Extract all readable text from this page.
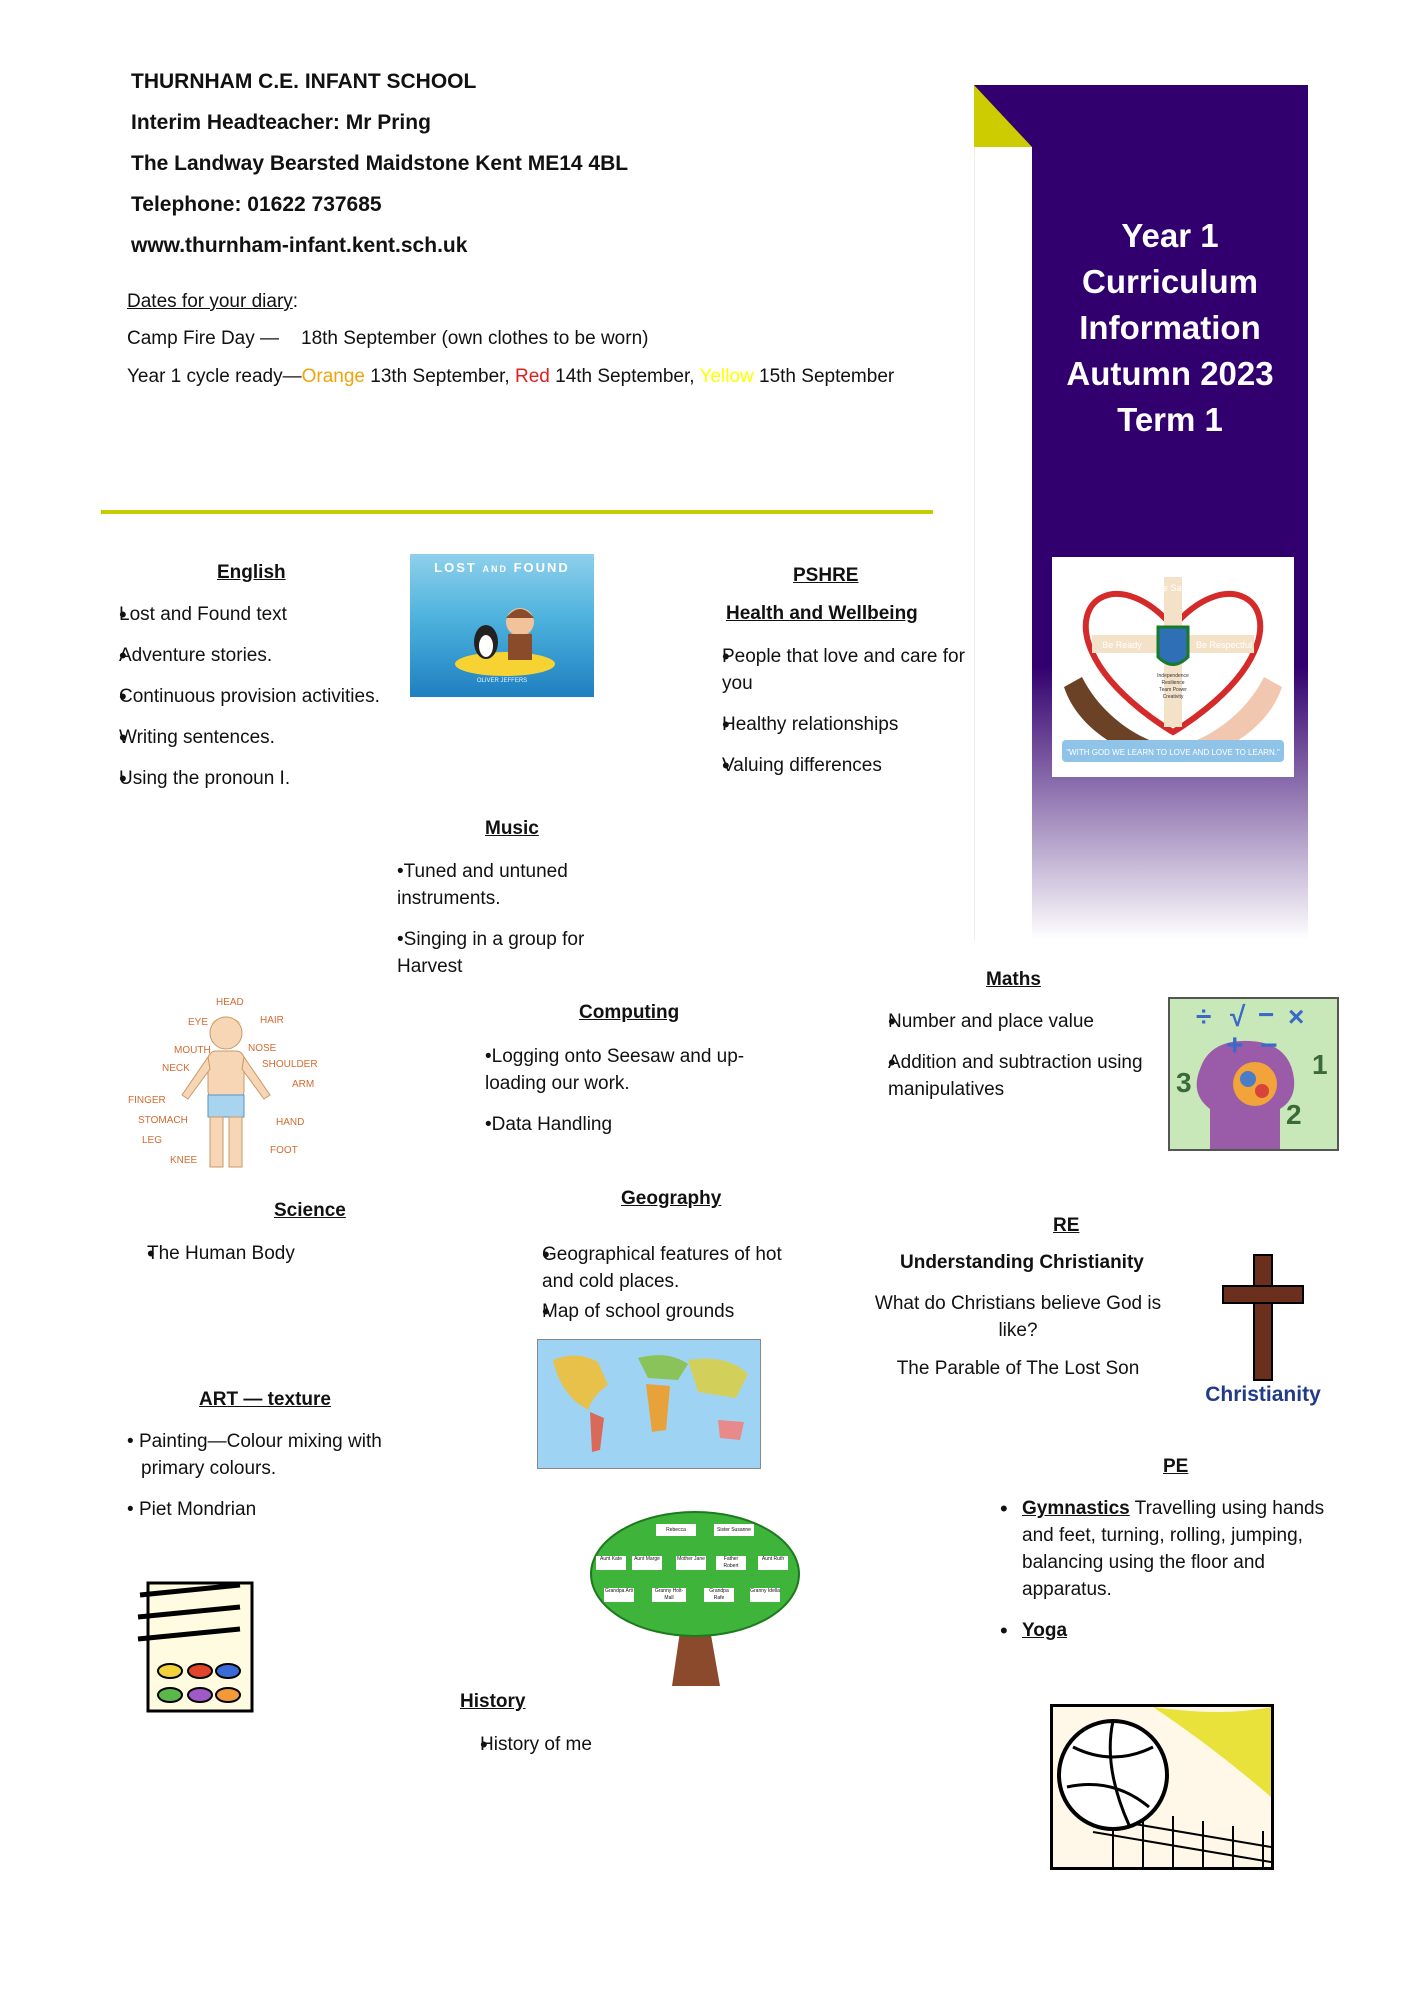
THURNHAM C.E. INFANT SCHOOL
Interim Headteacher: Mr Pring
The Landway Bearsted Maidstone Kent ME14 4BL
Telephone: 01622 737685
www.thurnham-infant.kent.sch.uk
Dates for your diary:
Camp Fire Day — 18th September (own clothes to be worn)
Year 1 cycle ready—Orange 13th September, Red 14th September, Yellow 15th September
Year 1
Curriculum
Information
Autumn 2023
Term 1
Be Safe
Be Ready	Be Respectful
"WITH GOD WE LEARN TO LOVE AND LOVE TO LEARN."
Independence Resilience Team Power Creativity
English
• Lost and Found text
• Adventure stories.
• Continuous provision activities.
• Writing sentences.
• Using the pronoun I.
LOST AND FOUND
OLIVER JEFFERS
PSHRE
Health and Wellbeing
• People that love and care for you
• Healthy relationships
• Valuing differences
Music
•Tuned and untuned instruments.
•Singing in a group for Harvest
HEAD
EYE	HAIR
MOUTH	NOSE
NECK	SHOULDER
ARM
FINGER
STOMACH	HAND
LEG
KNEE
FOOT
Computing
•Logging onto Seesaw and up-loading our work.
•Data Handling
Maths
• Number and place value
• Addition and subtraction using manipulatives
÷ √ − ×
+ −
1
2
3
Science
• The Human Body
Geography
• Geographical features of hot and cold places.
• Map of school grounds
RE
Understanding Christianity
What do Christians believe God is like?
The Parable of The Lost Son
Christianity
ART — texture
• Painting—Colour mixing with primary colours.
• Piet Mondrian
Rebecca	Sister Susanne
Aunt Kate	Aunt Marge	Mother Jane	Father Robert
Aunt Ruth
Grandpa Arti	Granny Holt-Mall
Grandpa Rafe
Granny Idella
PE
• Gymnastics Travelling using hands and feet, turning, rolling, jumping, balancing using the floor and apparatus.
• Yoga
History
• History of me
